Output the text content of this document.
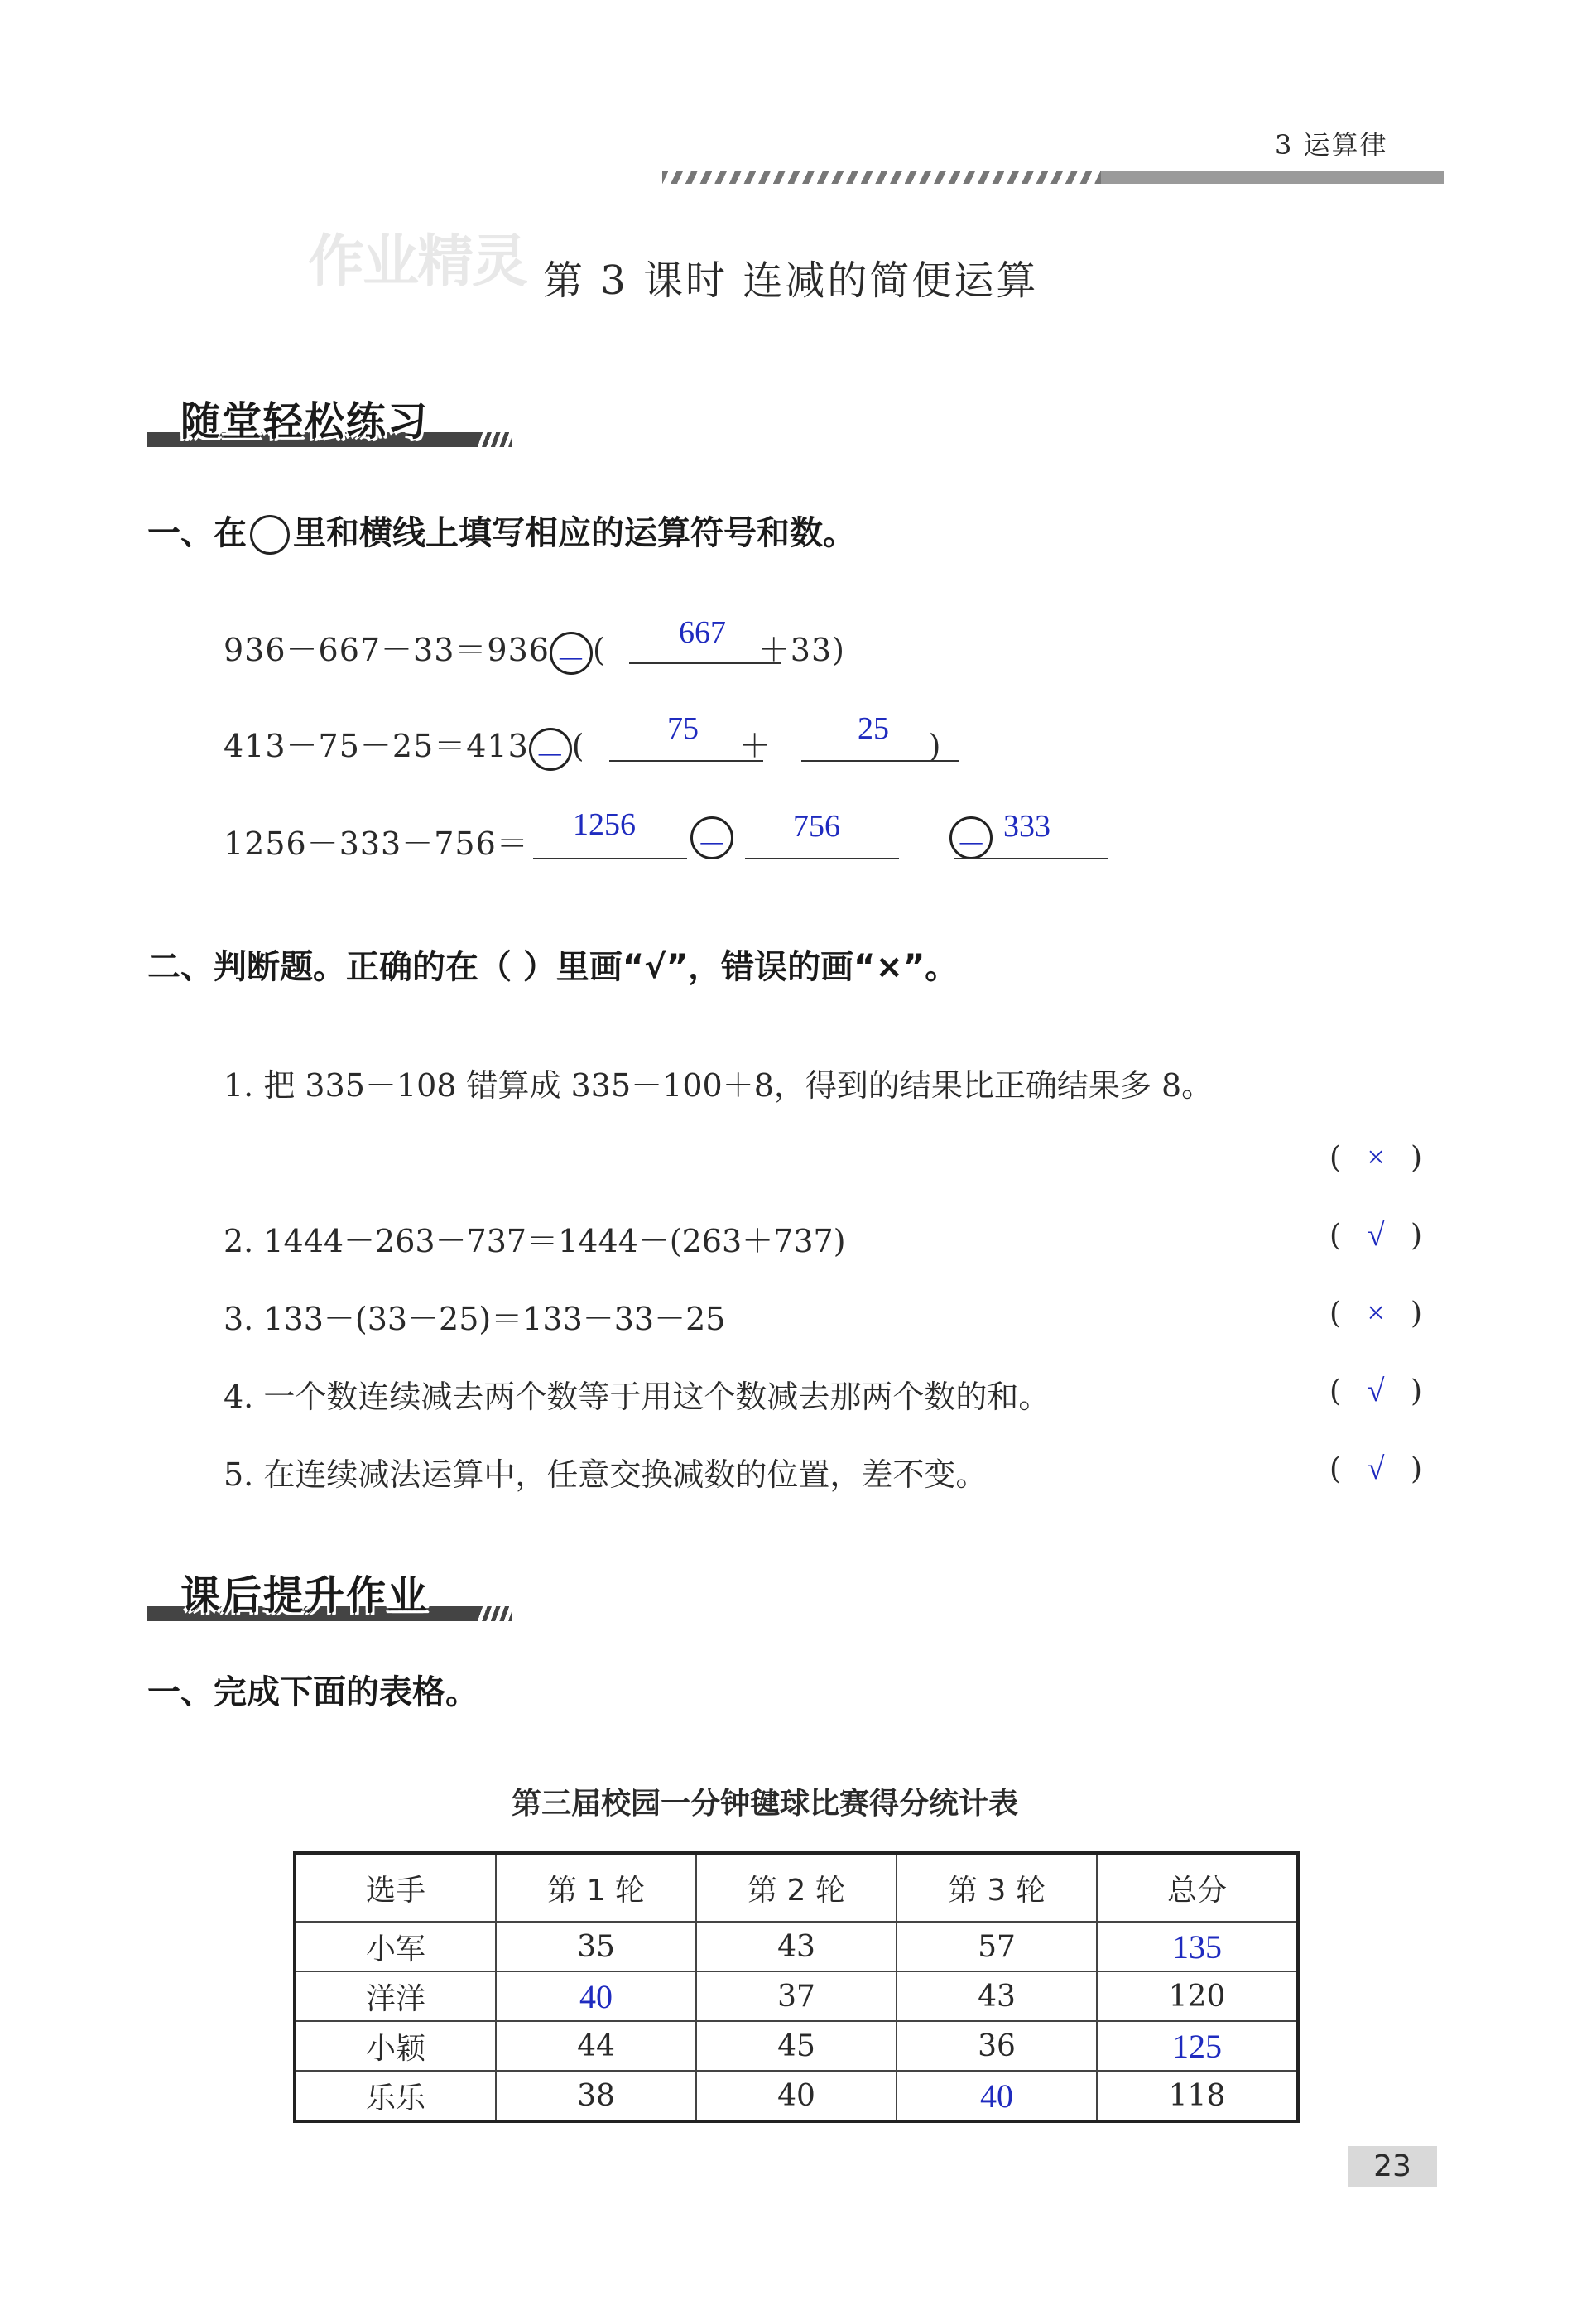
3 运算律
作业精灵 第 3 课时 连减的简便运算
随堂轻松练习
一、在 里和横线上填写相应的运算符号和数。
936－667－33＝936 － (	＋33)
667
413－75－25＝413 － (	＋	)
75	25
1256－333－756＝
1256
－

756
－
333
二、判断题。正确的在（ ）里画“√”，错误的画“×”。
1. 把 335－108 错算成 335－100＋8，得到的结果比正确结果多 8。
( × )
2. 1444－263－737＝1444－(263＋737)	( √ )
3. 133－(33－25)＝133－33－25	( × )
4. 一个数连续减去两个数等于用这个数减去那两个数的和。	( √ )
5. 在连续减法运算中，任意交换减数的位置，差不变。	( √ )
课后提升作业
一、完成下面的表格。
第三届校园一分钟毽球比赛得分统计表
选手	第 1 轮	第 2 轮	第 3 轮	总分
小军	35	43	57	135
洋洋	40	37	43	120
小颖	44	45	36	125
乐乐	38	40	40	118
23
